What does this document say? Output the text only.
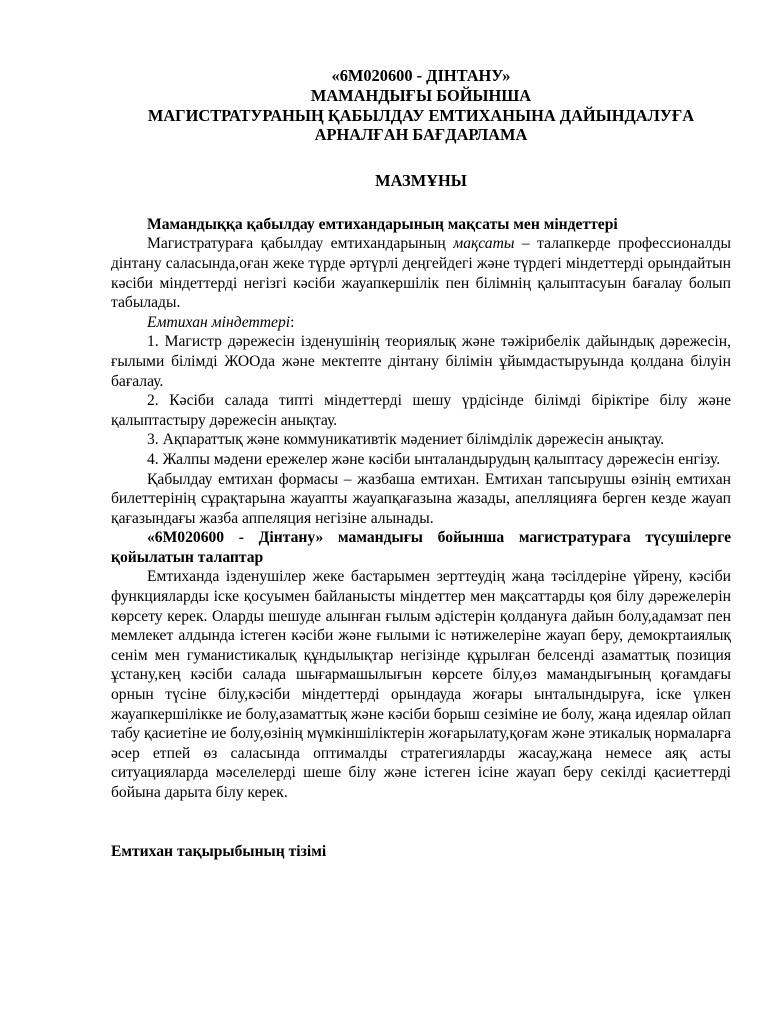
«6М020600 - ДІНТАНУ»

МАМАНДЫҒЫ БОЙЫНША

МАГИСТРАТУРАНЫҢ ҚАБЫЛДАУ ЕМТИХАНЫНА ДАЙЫНДАЛУҒА

АРНАЛҒАН БАҒДАРЛАМА

МАЗМҰНЫ

Мамандыққа қабылдау емтихандарының мақсаты мен міндеттері

Магистратураға қабылдау емтихандарының мақсаты – талапкерде профессионалды дінтану саласында,оған жеке түрде әртүрлі деңгейдегі және түрдегі міндеттерді орындайтын кәсіби міндеттерді негізгі кәсіби жауапкершілік пен білімнің қалыптасуын бағалау болып табылады.

Емтихан міндеттері:

1. Магистр дәрежесін ізденушінің теориялық және тәжірибелік дайындық дәрежесін, ғылыми білімді ЖООда және мектепте дінтану білімін ұйымдастыруында қолдана білуін бағалау.

2. Кәсіби салада типті міндеттерді шешу үрдісінде білімді біріктіре білу және қалыптастыру дәрежесін анықтау.

3. Ақпараттық және коммуникативтік мәдениет білімділік дәрежесін анықтау.

4. Жалпы мәдени ережелер және кәсіби ынталандырудың қалыптасу дәрежесін енгізу.

Қабылдау емтихан формасы – жазбаша емтихан. Емтихан тапсырушы өзінің емтихан билеттерінің сұрақтарына жауапты жауапқағазына жазады, апелляцияға берген кезде жауап қағазындағы жазба аппеляция негізіне алынады.

«6М020600 - Дінтану» мамандығы бойынша магистратураға түсушілерге қойылатын талаптар

Емтиханда ізденушілер жеке бастарымен зерттеудің жаңа тәсілдеріне үйрену, кәсіби функцияларды іске қосуымен байланысты міндеттер мен мақсаттарды қоя білу дәрежелерін көрсету керек. Оларды шешуде алынған ғылым әдістерін қолдануға дайын болу,адамзат пен мемлекет алдында істеген кәсіби және ғылыми іс нәтижелеріне жауап беру, демокртаиялық сенім мен гуманистикалық құндылықтар негізінде құрылған белсенді азаматтық позиция ұстану,кең кәсіби салада шығармашылығын көрсете білу,өз мамандығының қоғамдағы орнын түсіне білу,кәсіби міндеттерді орындауда жоғары ынталындыруға, іске үлкен жауапкершілікке ие болу,азаматтық және кәсіби борыш сезіміне ие болу, жаңа идеялар ойлап табу қасиетіне ие болу,өзінің мүмкіншіліктерін жоғарылату,қоғам және этикалық нормаларға әсер етпей өз саласында оптималды стратегияларды жасау,жаңа немесе аяқ асты ситуацияларда мәселелерді шеше білу және істеген ісіне жауап беру секілді қасиеттерді бойына дарыта білу керек.

Емтихан тақырыбының тізімі
